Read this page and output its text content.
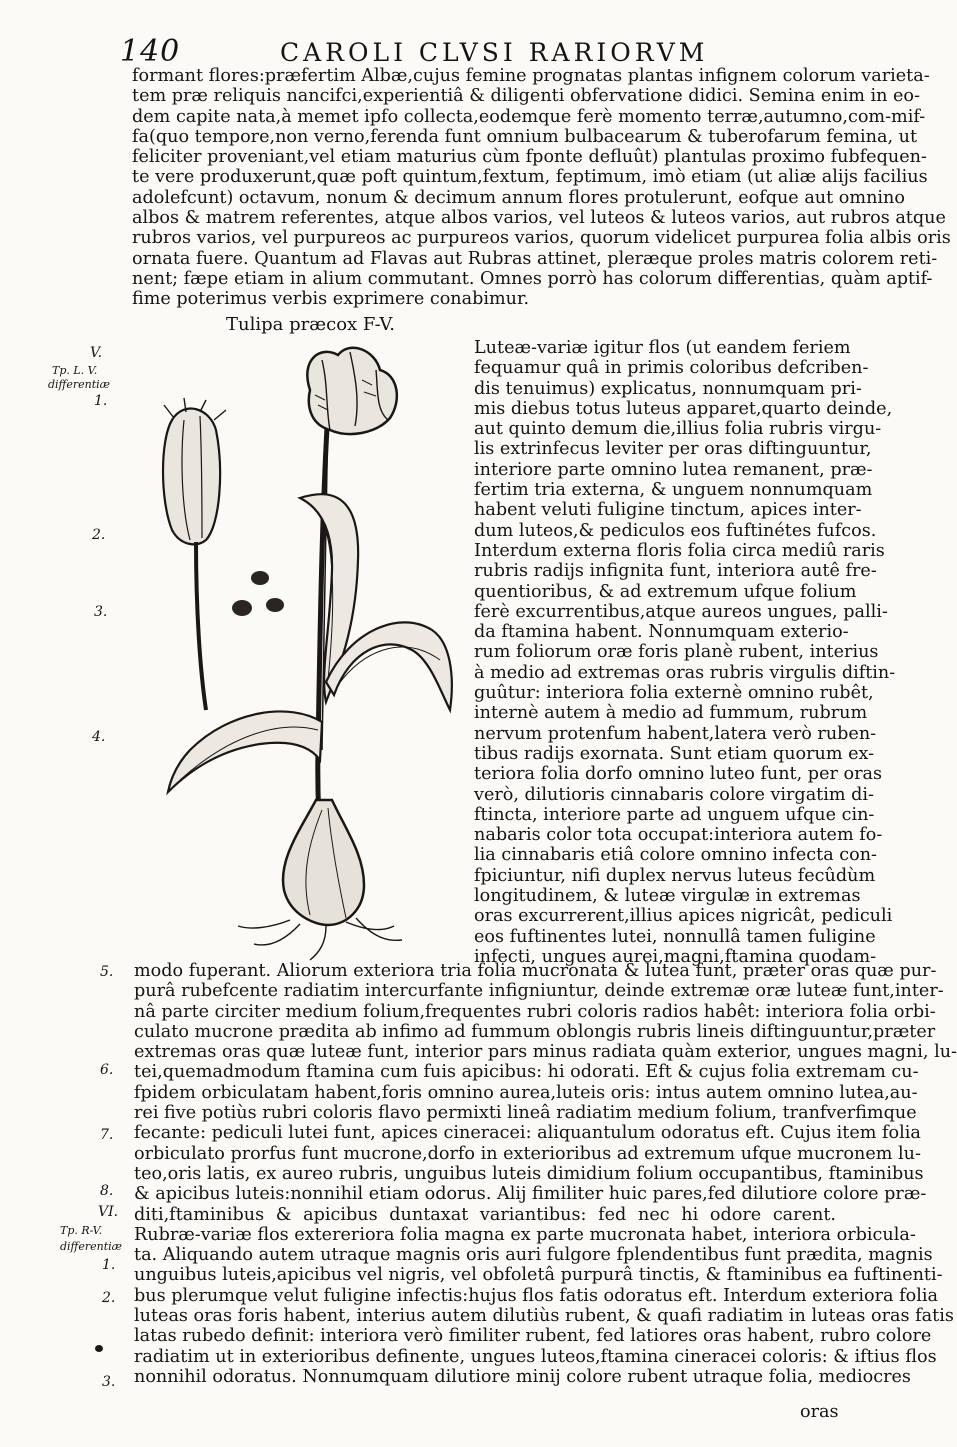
140	CAROLI CLVSI RARIORVM
formant flores:præfertim Albæ,cujus femine prognatas plantas infignem colorum varieta-
tem præ reliquis nancifci,experientiâ & diligenti obfervatione didici. Semina enim in eo-
dem capite nata,à memet ipfo collecta,eodemque ferè momento terræ,autumno,com-mif-
fa(quo tempore,non verno,ferenda funt omnium bulbacearum & tuberofarum femina, ut
feliciter proveniant,vel etiam maturius cùm fponte defluût) plantulas proximo fubfequen-
te vere produxerunt,quæ poft quintum,fextum, feptimum, imò etiam (ut aliæ alijs facilius
adolefcunt) octavum, nonum & decimum annum flores protulerunt, eofque aut omnino
albos & matrem referentes, atque albos varios, vel luteos & luteos varios, aut rubros atque
rubros varios, vel purpureos ac purpureos varios, quorum videlicet purpurea folia albis oris
ornata fuere. Quantum ad Flavas aut Rubras attinet, pleræque proles matris colorem reti-
nent; fæpe etiam in alium commutant. Omnes porrò has colorum differentias, quàm aptif-
fime poterimus verbis exprimere conabimur.
Tulipa præcox F-V.
Luteæ-variæ igitur flos (ut eandem feriem
fequamur quâ in primis coloribus defcriben-
dis tenuimus) explicatus, nonnumquam pri-
mis diebus totus luteus apparet,quarto deinde,
aut quinto demum die,illius folia rubris virgu-
lis extrinfecus leviter per oras diftinguuntur,
interiore parte omnino lutea remanent, præ-
fertim tria externa, & unguem nonnumquam
habent veluti fuligine tinctum, apices inter-
dum luteos,& pediculos eos fuftinétes fufcos.
Interdum externa floris folia circa mediû raris
rubris radijs infignita funt, interiora autê fre-
quentioribus, & ad extremum ufque folium
ferè excurrentibus,atque aureos ungues, palli-
da ftamina habent. Nonnumquam exterio-
rum foliorum oræ foris planè rubent, interius
à medio ad extremas oras rubris virgulis diftin-
guûtur: interiora folia externè omnino rubêt,
internè autem à medio ad fummum, rubrum
nervum protenfum habent,latera verò ruben-
tibus radijs exornata. Sunt etiam quorum ex-
teriora folia dorfo omnino luteo funt, per oras
verò, dilutioris cinnabaris colore virgatim di-
ftincta, interiore parte ad unguem ufque cin-
nabaris color tota occupat:interiora autem fo-
lia cinnabaris etiâ colore omnino infecta con-
fpiciuntur, nifi duplex nervus luteus fecûdùm
longitudinem, & luteæ virgulæ in extremas
oras excurrerent,illius apices nigricât, pediculi
eos fuftinentes lutei, nonnullâ tamen fuligine
infecti, ungues aurei,magni,ftamina quodam-
modo fuperant. Aliorum exteriora tria folia mucronata & lutea funt, præter oras quæ pur-
purâ rubefcente radiatim intercurfante infigniuntur, deinde extremæ oræ luteæ funt,inter-
nâ parte circiter medium folium,frequentes rubri coloris radios habêt: interiora folia orbi-
culato mucrone prædita ab infimo ad fummum oblongis rubris lineis diftinguuntur,præter
extremas oras quæ luteæ funt, interior pars minus radiata quàm exterior, ungues magni, lu-
tei,quemadmodum ftamina cum fuis apicibus: hi odorati. Eft & cujus folia extremam cu-
fpidem orbiculatam habent,foris omnino aurea,luteis oris: intus autem omnino lutea,au-
rei five potiùs rubri coloris flavo permixti lineâ radiatim medium folium, tranfverfimque
fecante: pediculi lutei funt, apices cineracei: aliquantulum odoratus eft. Cujus item folia
orbiculato prorfus funt mucrone,dorfo in exterioribus ad extremum ufque mucronem lu-
teo,oris latis, ex aureo rubris, unguibus luteis dimidium folium occupantibus, ftaminibus
& apicibus luteis:nonnihil etiam odorus. Alij fimiliter huic pares,fed dilutiore colore præ-
diti,ftaminibus & apicibus duntaxat variantibus: fed nec hi odore carent.
Rubræ-variæ flos extereriora folia magna ex parte mucronata habet, interiora orbicula-
ta. Aliquando autem utraque magnis oris auri fulgore fplendentibus funt prædita, magnis
unguibus luteis,apicibus vel nigris, vel obfoletâ purpurâ tinctis, & ftaminibus ea fuftinenti-
bus plerumque velut fuligine infectis:hujus flos fatis odoratus eft. Interdum exteriora folia
luteas oras foris habent, interius autem dilutiùs rubent, & quafi radiatim in luteas oras fatis
latas rubedo definit: interiora verò fimiliter rubent, fed latiores oras habent, rubro colore
radiatim ut in exterioribus definente, ungues luteos,ftamina cineracei coloris: & iftius flos
nonnihil odoratus. Nonnumquam dilutiore minij colore rubent utraque folia, mediocres
V.
Tp. L. V.
differentiæ
1.
2.
3.
4.
5.
6.
7.
8.
VI.
Tp. R-V.
differentiæ
1.
2.
3.
oras
